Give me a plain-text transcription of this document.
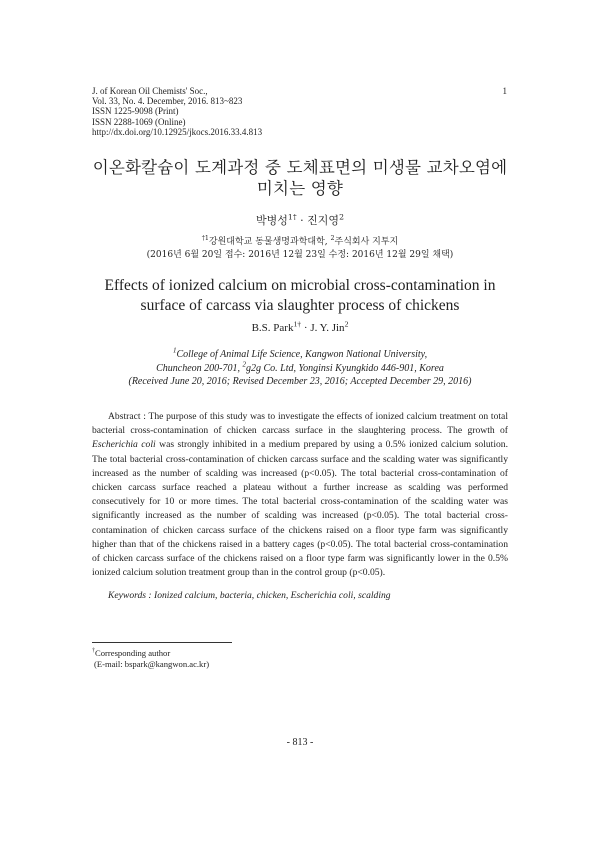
J. of Korean Oil Chemists' Soc.,
Vol. 33, No. 4. December, 2016. 813~823
ISSN 1225-9098 (Print)
ISSN 2288-1069 (Online)
http://dx.doi.org/10.12925/jkocs.2016.33.4.813
1
이온화칼슘이 도계과정 중 도체표면의 미생물 교차오염에
미치는 영향
박병성$^{1\dagger}$ · 진지영$^2$
$^{\dagger 1}$강원대학교 동물생명과학대학, $^2$주식회사 지투지
(2016년 6월 20일 접수: 2016년 12월 23일 수정: 2016년 12월 29일 채택)
Effects of ionized calcium on microbial cross-contamination in
surface of carcass via slaughter process of chickens
B.S. Park$^{1\dagger}$ · J. Y. Jin$^2$
$^1$College of Animal Life Science, Kangwon National University,
Chuncheon 200-701, $^2$g2g Co. Ltd, Yonginsi Kyungkido 446-901, Korea
(Received June 20, 2016; Revised December 23, 2016; Accepted December 29, 2016)
Abstract : The purpose of this study was to investigate the effects of ionized calcium treatment on total bacterial cross-contamination of chicken carcass surface in the slaughtering process. The growth of Escherichia coli was strongly inhibited in a medium prepared by using a 0.5% ionized calcium solution. The total bacterial cross-contamination of chicken carcass surface and the scalding water was significantly increased as the number of scalding was increased (p<0.05). The total bacterial cross-contamination of chicken carcass surface reached a plateau without a further increase as scalding was performed consecutively for 10 or more times. The total bacterial cross-contamination of the scalding water was significantly increased as the number of scalding was increased (p<0.05). The total bacterial cross-contamination of chicken carcass surface of the chickens raised on a floor type farm was significantly higher than that of the chickens raised in a battery cages (p<0.05). The total bacterial cross-contamination of chicken carcass surface of the chickens raised on a floor type farm was significantly lower in the 0.5% ionized calcium solution treatment group than in the control group (p<0.05).
Keywords : Ionized calcium, bacteria, chicken, Escherichia coli, scalding
†Corresponding author
(E-mail: bspark@kangwon.ac.kr)
- 813 -
